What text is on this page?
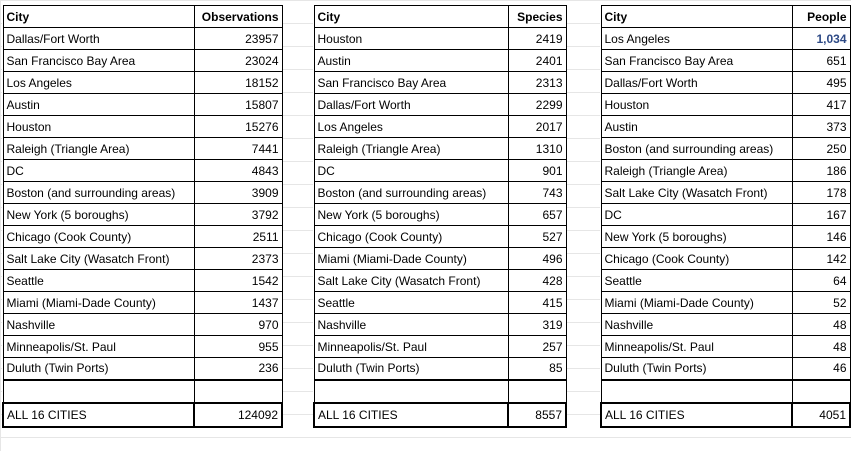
City	Observations
Dallas/Fort Worth	23957
San Francisco Bay Area	23024
Los Angeles	18152
Austin	15807
Houston	15276
Raleigh (Triangle Area)	7441
DC	4843
Boston (and surrounding areas)	3909
New York (5 boroughs)	3792
Chicago (Cook County)	2511
Salt Lake City (Wasatch Front)	2373
Seattle	1542
Miami (Miami-Dade County)	1437
Nashville	970
Minneapolis/St. Paul	955
Duluth (Twin Ports)	236

ALL 16 CITIES	124092
City	Species
Houston	2419
Austin	2401
San Francisco Bay Area	2313
Dallas/Fort Worth	2299
Los Angeles	2017
Raleigh (Triangle Area)	1310
DC	901
Boston (and surrounding areas)	743
New York (5 boroughs)	657
Chicago (Cook County)	527
Miami (Miami-Dade County)	496
Salt Lake City (Wasatch Front)	428
Seattle	415
Nashville	319
Minneapolis/St. Paul	257
Duluth (Twin Ports)	85

ALL 16 CITIES	8557
City	People
Los Angeles	1,034
San Francisco Bay Area	651
Dallas/Fort Worth	495
Houston	417
Austin	373
Boston (and surrounding areas)	250
Raleigh (Triangle Area)	186
Salt Lake City (Wasatch Front)	178
DC	167
New York (5 boroughs)	146
Chicago (Cook County)	142
Seattle	64
Miami (Miami-Dade County)	52
Nashville	48
Minneapolis/St. Paul	48
Duluth (Twin Ports)	46

ALL 16 CITIES	4051
